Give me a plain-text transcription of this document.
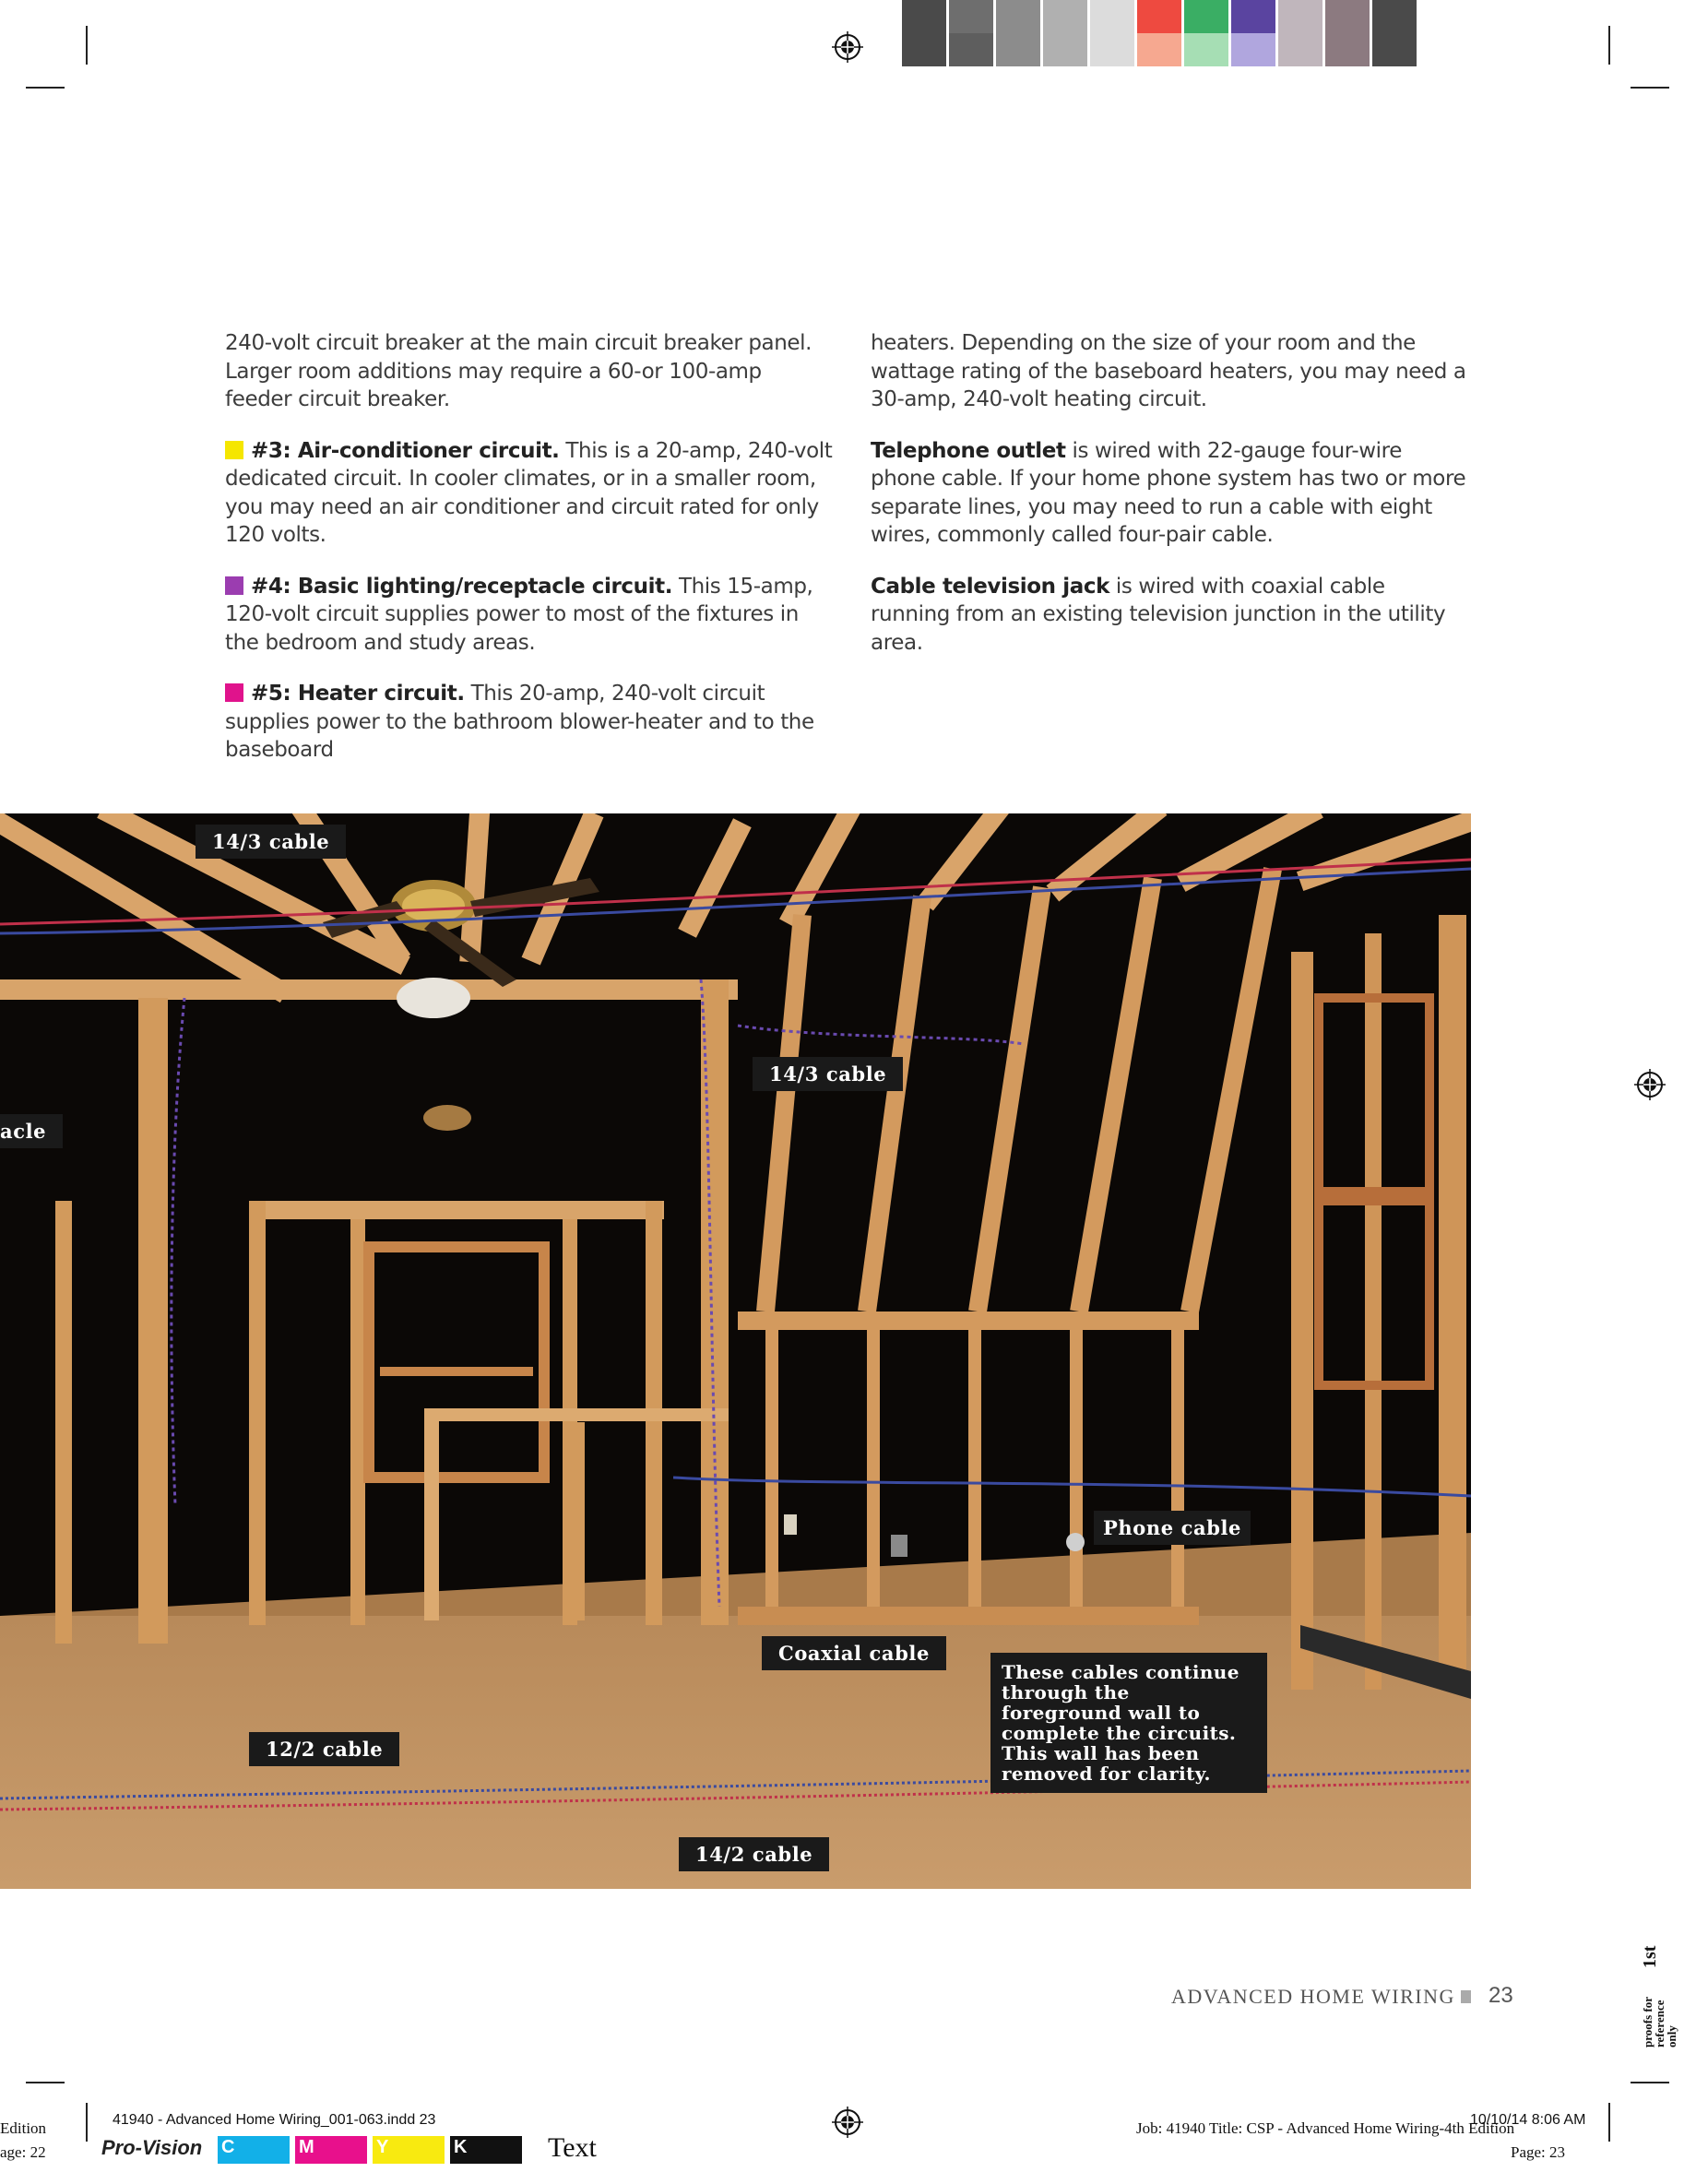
240-volt circuit breaker at the main circuit breaker panel. Larger room additions may require a 60-or 100-amp feeder circuit breaker.

#3: Air-conditioner circuit. This is a 20-amp, 240-volt dedicated circuit. In cooler climates, or in a smaller room, you may need an air conditioner and circuit rated for only 120 volts.

#4: Basic lighting/receptacle circuit. This 15-amp, 120-volt circuit supplies power to most of the fixtures in the bedroom and study areas.

#5: Heater circuit. This 20-amp, 240-volt circuit supplies power to the bathroom blower-heater and to the baseboard

heaters. Depending on the size of your room and the wattage rating of the baseboard heaters, you may need a 30-amp, 240-volt heating circuit.

Telephone outlet is wired with 22-gauge four-wire phone cable. If your home phone system has two or more separate lines, you may need to run a cable with eight wires, commonly called four-pair cable.

Cable television jack is wired with coaxial cable running from an existing television junction in the utility area.

14/3 cable
14/3 cable
acle
Phone cable
Coaxial cable
12/2 cable
14/2 cable
These cables continue through the foreground wall to complete the circuits. This wall has been removed for clarity.
ADVANCED HOME WIRING 23
1st
proofs for
reference
only
Edition
age: 22
41940 - Advanced Home Wiring_001-063.indd 23
Pro-Vision C	M	Y	K	Text
Job: 41940 Title: CSP - Advanced Home Wiring-4th Edition
10/10/14 8:06 AM
Page: 23
